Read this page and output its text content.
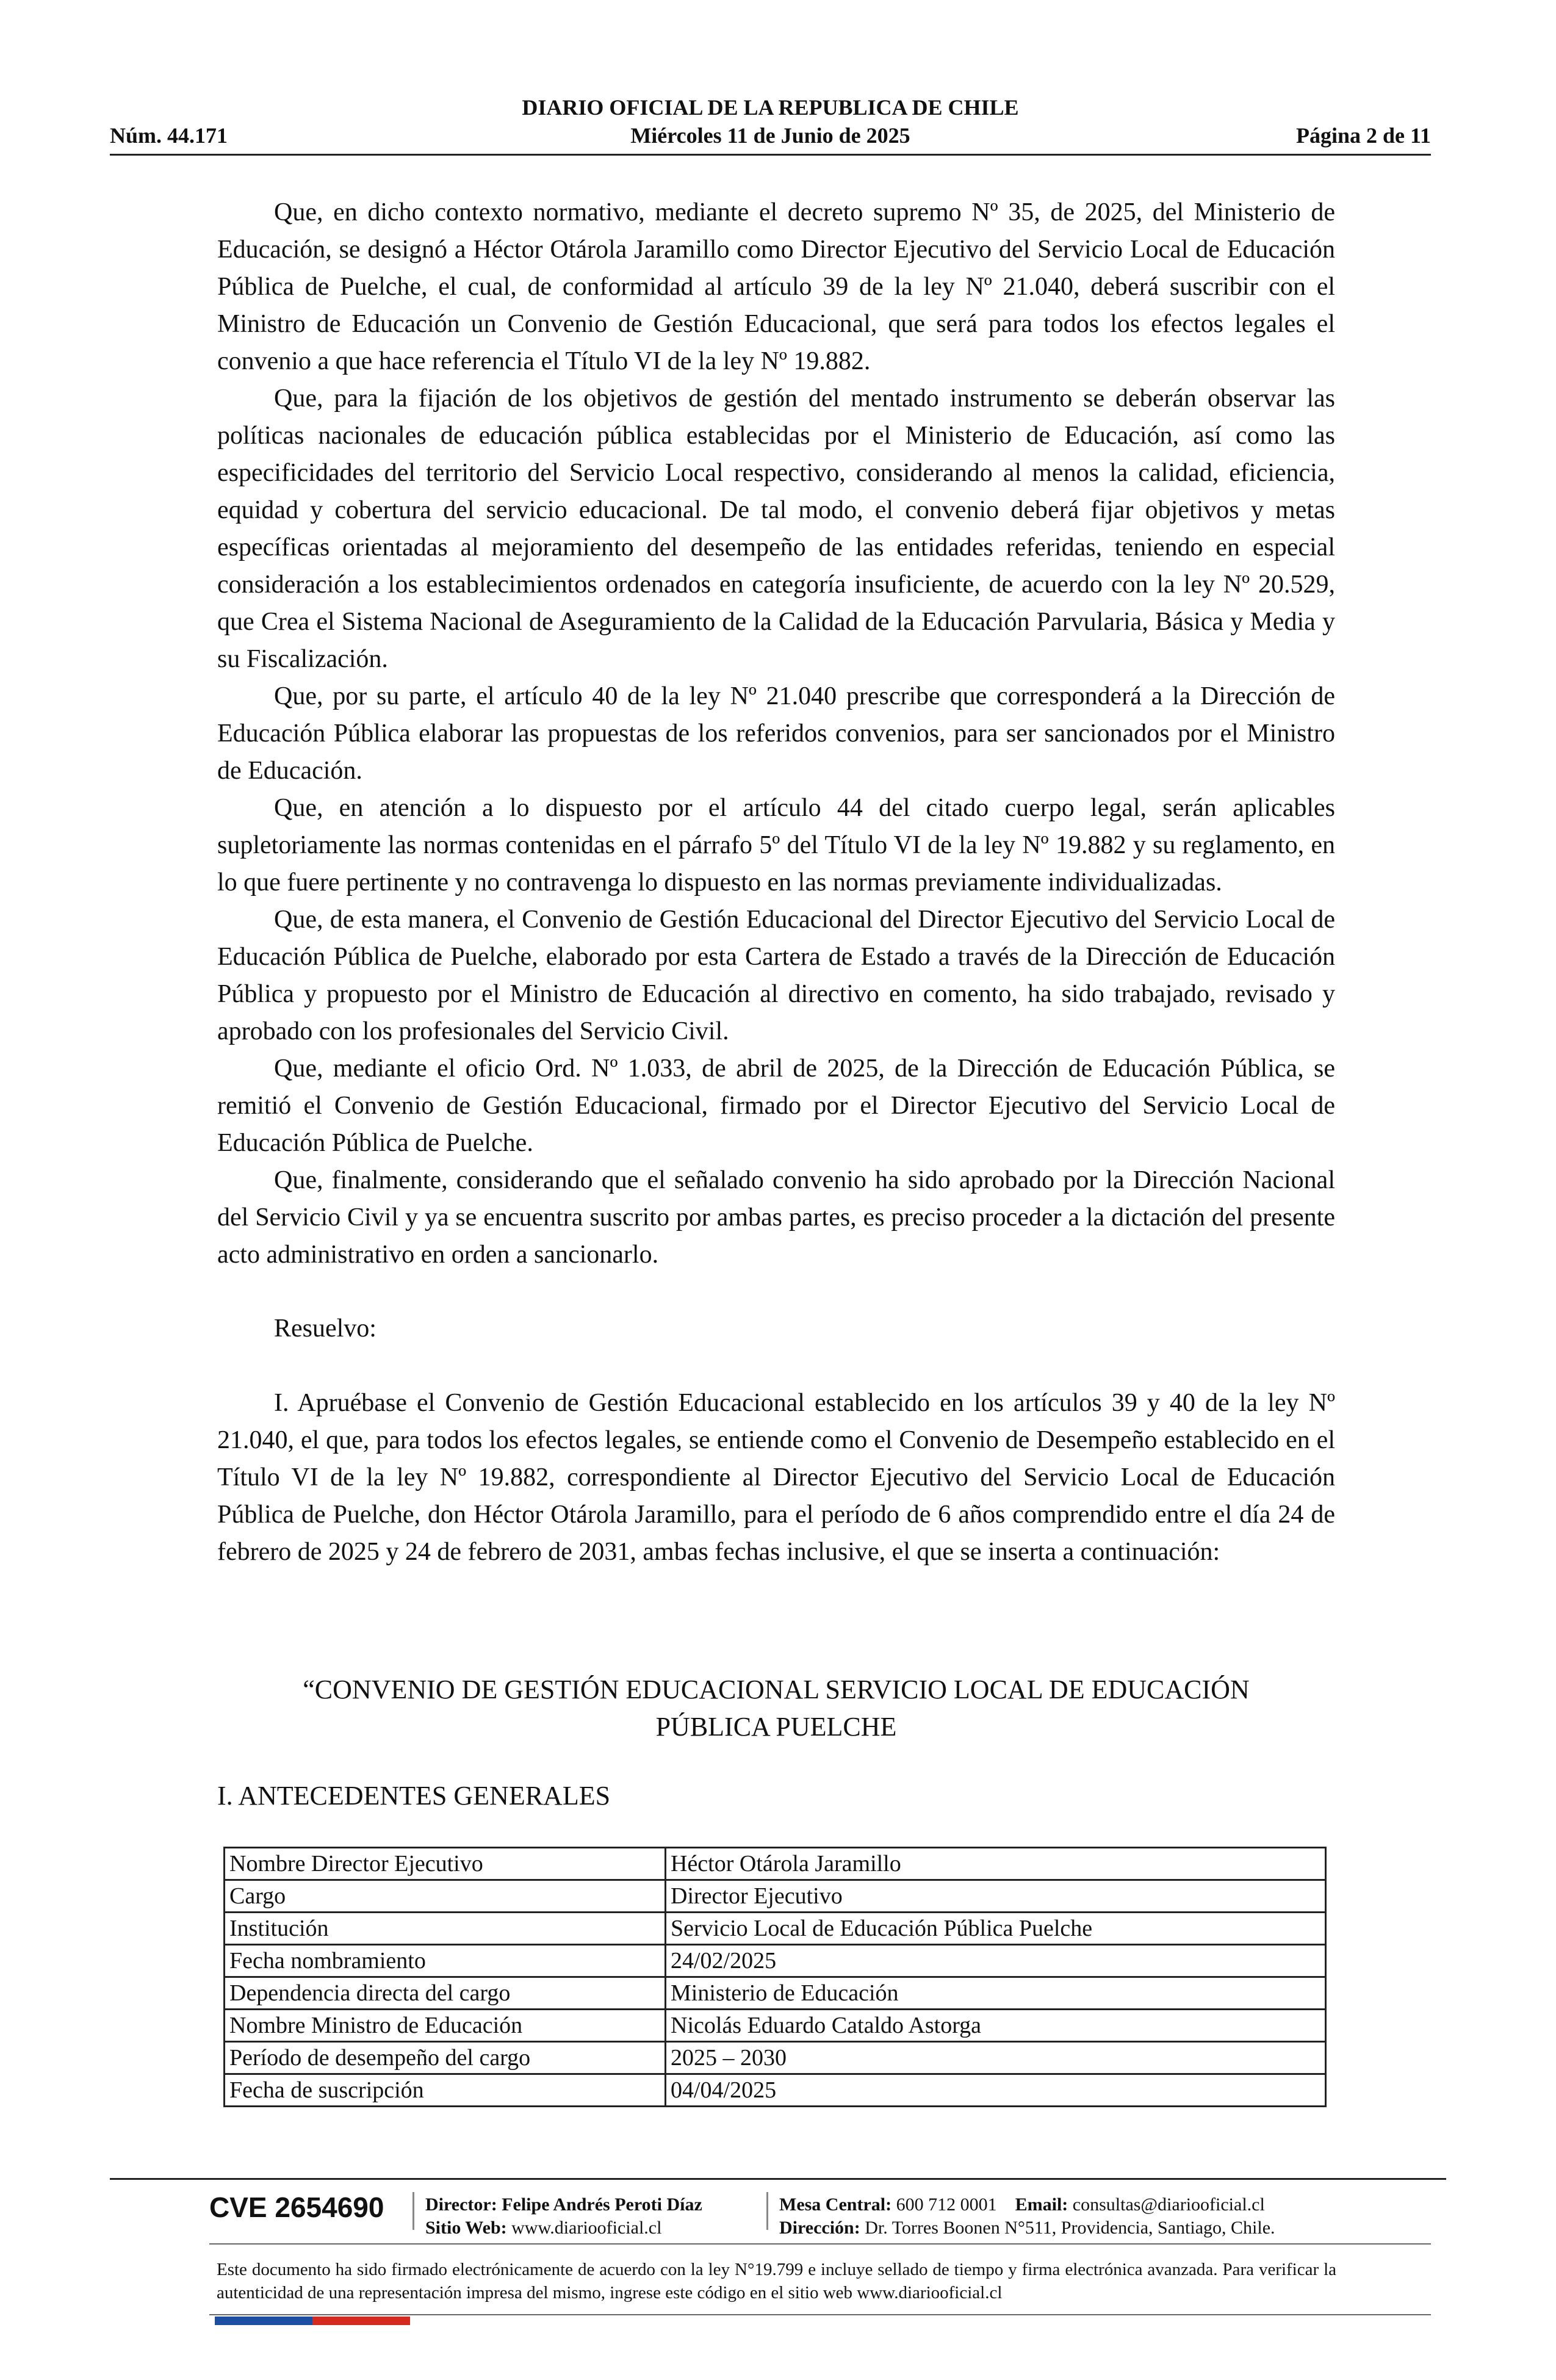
DIARIO OFICIAL DE LA REPUBLICA DE CHILE
Núm. 44.171	Miércoles 11 de Junio de 2025	Página 2 de 11

Que, en dicho contexto normativo, mediante el decreto supremo Nº 35, de 2025, del Ministerio de Educación, se designó a Héctor Otárola Jaramillo como Director Ejecutivo del Servicio Local de Educación Pública de Puelche, el cual, de conformidad al artículo 39 de la ley Nº 21.040, deberá suscribir con el Ministro de Educación un Convenio de Gestión Educacional, que será para todos los efectos legales el convenio a que hace referencia el Título VI de la ley Nº 19.882.

Que, para la fijación de los objetivos de gestión del mentado instrumento se deberán observar las políticas nacionales de educación pública establecidas por el Ministerio de Educación, así como las especificidades del territorio del Servicio Local respectivo, considerando al menos la calidad, eficiencia, equidad y cobertura del servicio educacional. De tal modo, el convenio deberá fijar objetivos y metas específicas orientadas al mejoramiento del desempeño de las entidades referidas, teniendo en especial consideración a los establecimientos ordenados en categoría insuficiente, de acuerdo con la ley Nº 20.529, que Crea el Sistema Nacional de Aseguramiento de la Calidad de la Educación Parvularia, Básica y Media y su Fiscalización.

Que, por su parte, el artículo 40 de la ley Nº 21.040 prescribe que corresponderá a la Dirección de Educación Pública elaborar las propuestas de los referidos convenios, para ser sancionados por el Ministro de Educación.

Que, en atención a lo dispuesto por el artículo 44 del citado cuerpo legal, serán aplicables supletoriamente las normas contenidas en el párrafo 5º del Título VI de la ley Nº 19.882 y su reglamento, en lo que fuere pertinente y no contravenga lo dispuesto en las normas previamente individualizadas.

Que, de esta manera, el Convenio de Gestión Educacional del Director Ejecutivo del Servicio Local de Educación Pública de Puelche, elaborado por esta Cartera de Estado a través de la Dirección de Educación Pública y propuesto por el Ministro de Educación al directivo en comento, ha sido trabajado, revisado y aprobado con los profesionales del Servicio Civil.

Que, mediante el oficio Ord. Nº 1.033, de abril de 2025, de la Dirección de Educación Pública, se remitió el Convenio de Gestión Educacional, firmado por el Director Ejecutivo del Servicio Local de Educación Pública de Puelche.

Que, finalmente, considerando que el señalado convenio ha sido aprobado por la Dirección Nacional del Servicio Civil y ya se encuentra suscrito por ambas partes, es preciso proceder a la dictación del presente acto administrativo en orden a sancionarlo.

Resuelvo:

I. Apruébase el Convenio de Gestión Educacional establecido en los artículos 39 y 40 de la ley Nº 21.040, el que, para todos los efectos legales, se entiende como el Convenio de Desempeño establecido en el Título VI de la ley Nº 19.882, correspondiente al Director Ejecutivo del Servicio Local de Educación Pública de Puelche, don Héctor Otárola Jaramillo, para el período de 6 años comprendido entre el día 24 de febrero de 2025 y 24 de febrero de 2031, ambas fechas inclusive, el que se inserta a continuación:

“CONVENIO DE GESTIÓN EDUCACIONAL SERVICIO LOCAL DE EDUCACIÓN
PÚBLICA PUELCHE
I. ANTECEDENTES GENERALES
Nombre Director Ejecutivo	Héctor Otárola Jaramillo
Cargo	Director Ejecutivo
Institución	Servicio Local de Educación Pública Puelche
Fecha nombramiento	24/02/2025
Dependencia directa del cargo	Ministerio de Educación
Nombre Ministro de Educación	Nicolás Eduardo Cataldo Astorga
Período de desempeño del cargo	2025 – 2030
Fecha de suscripción	04/04/2025
CVE 2654690 Director: Felipe Andrés Peroti Díaz
Sitio Web: www.diariooficial.cl
Mesa Central: 600 712 0001 Email: consultas@diariooficial.cl
Dirección: Dr. Torres Boonen N°511, Providencia, Santiago, Chile.
Este documento ha sido firmado electrónicamente de acuerdo con la ley N°19.799 e incluye sellado de tiempo y firma electrónica avanzada. Para verificar la autenticidad de una representación impresa del mismo, ingrese este código en el sitio web www.diariooficial.cl
